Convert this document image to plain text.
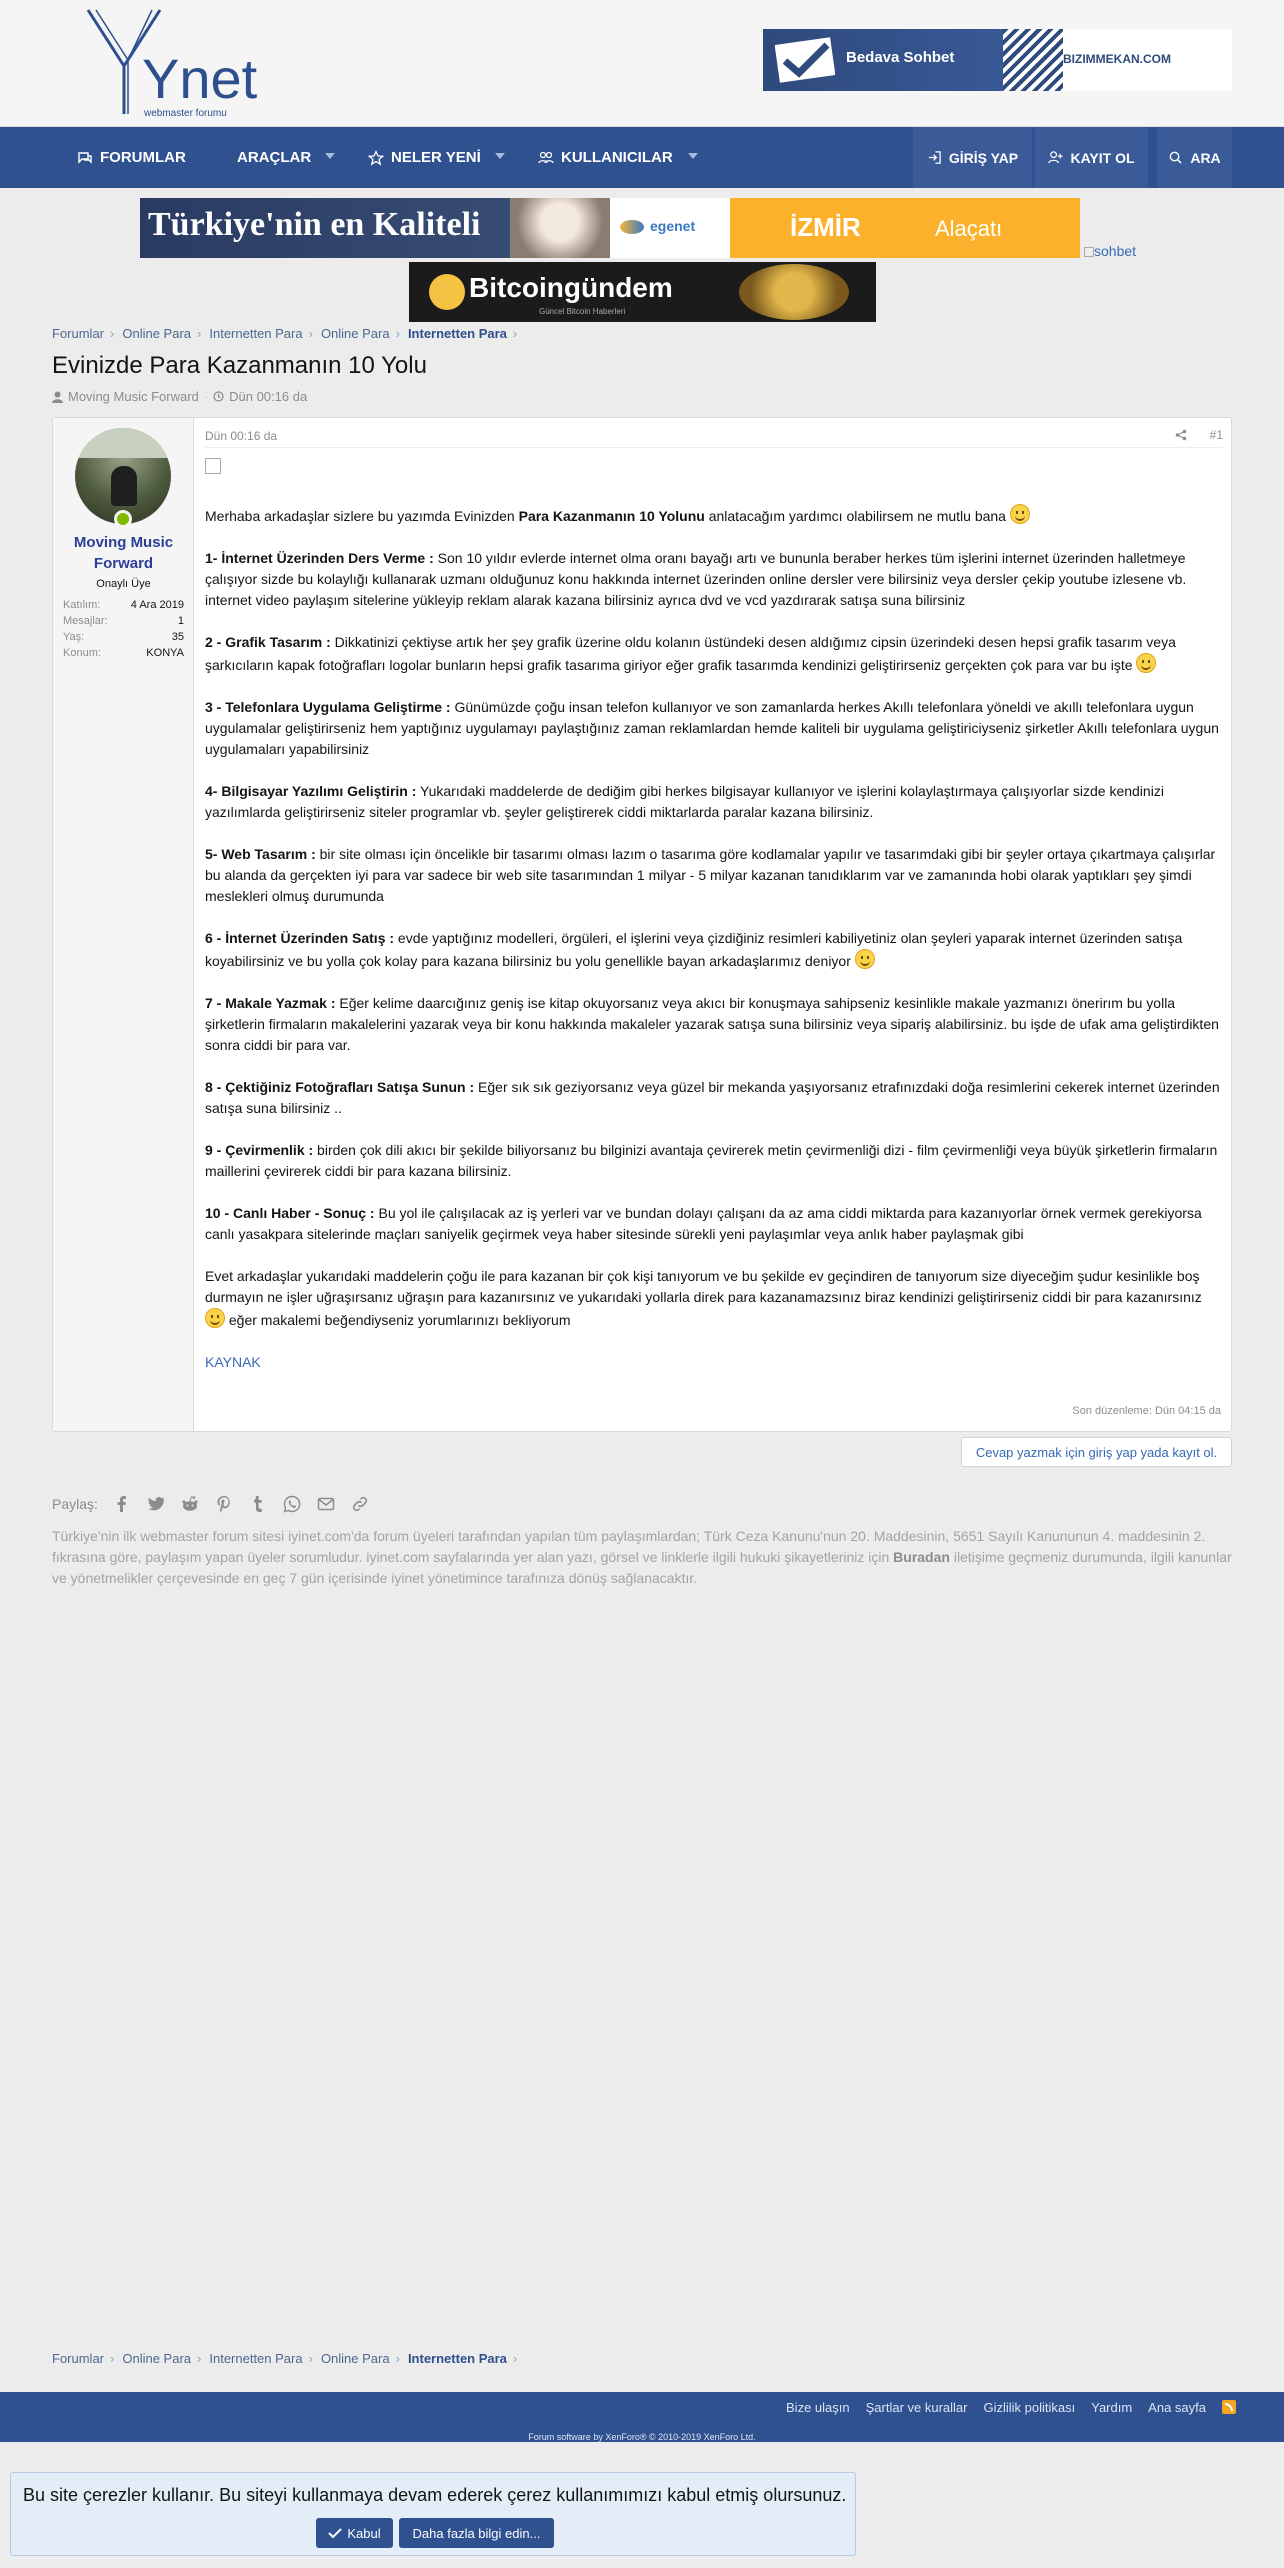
Ynet
webmaster forumu
Bedava Sohbet	BIZIMMEKAN.COM
FORUMLAR	ARAÇLAR	NELER YENİ	KULLANICILAR	GİRİŞ YAP	KAYIT OL	ARA
Türkiye'nin en Kaliteli	egenet	İZMİR	Alaçatı
sohbet
Bitcoingündem
Güncel Bitcoin Haberleri
Forumlar › Online Para › Internetten Para › Online Para › Internetten Para ›
Evinizde Para Kazanmanın 10 Yolu
Moving Music Forward · Dün 00:16 da
Moving Music Forward
Onaylı Üye
Katılım:	4 Ara 2019
Mesajlar:	1
Yaş:	35
Konum:	KONYA
Dün 00:16 da	#1

Merhaba arkadaşlar sizlere bu yazımda Evinizden Para Kazanmanın 10 Yolunu anlatacağım yardımcı olabilirsem ne mutlu bana

1- İnternet Üzerinden Ders Verme : Son 10 yıldır evlerde internet olma oranı bayağı artı ve bununla beraber herkes tüm işlerini internet üzerinden halletmeye çalışıyor sizde bu kolaylığı kullanarak uzmanı olduğunuz konu hakkında internet üzerinden online dersler vere bilirsiniz veya dersler çekip youtube izlesene vb. internet video paylaşım sitelerine yükleyip reklam alarak kazana bilirsiniz ayrıca dvd ve vcd yazdırarak satışa suna bilirsiniz

2 - Grafik Tasarım : Dikkatinizi çektiyse artık her şey grafik üzerine oldu kolanın üstündeki desen aldığımız cipsin üzerindeki desen hepsi grafik tasarım veya şarkıcıların kapak fotoğrafları logolar bunların hepsi grafik tasarıma giriyor eğer grafik tasarımda kendinizi geliştirirseniz gerçekten çok para var bu işte

3 - Telefonlara Uygulama Geliştirme : Günümüzde çoğu insan telefon kullanıyor ve son zamanlarda herkes Akıllı telefonlara yöneldi ve akıllı telefonlara uygun uygulamalar geliştirirseniz hem yaptığınız uygulamayı paylaştığınız zaman reklamlardan hemde kaliteli bir uygulama geliştiriciyseniz şirketler Akıllı telefonlara uygun uygulamaları yapabilirsiniz

4- Bilgisayar Yazılımı Geliştirin : Yukarıdaki maddelerde de dediğim gibi herkes bilgisayar kullanıyor ve işlerini kolaylaştırmaya çalışıyorlar sizde kendinizi yazılımlarda geliştirirseniz siteler programlar vb. şeyler geliştirerek ciddi miktarlarda paralar kazana bilirsiniz.

5- Web Tasarım : bir site olması için öncelikle bir tasarımı olması lazım o tasarıma göre kodlamalar yapılır ve tasarımdaki gibi bir şeyler ortaya çıkartmaya çalışırlar bu alanda da gerçekten iyi para var sadece bir web site tasarımından 1 milyar - 5 milyar kazanan tanıdıklarım var ve zamanında hobi olarak yaptıkları şey şimdi meslekleri olmuş durumunda

6 - İnternet Üzerinden Satış : evde yaptığınız modelleri, örgüleri, el işlerini veya çizdiğiniz resimleri kabiliyetiniz olan şeyleri yaparak internet üzerinden satışa koyabilirsiniz ve bu yolla çok kolay para kazana bilirsiniz bu yolu genellikle bayan arkadaşlarımız deniyor

7 - Makale Yazmak : Eğer kelime daarcığınız geniş ise kitap okuyorsanız veya akıcı bir konuşmaya sahipseniz kesinlikle makale yazmanızı önerirım bu yolla şirketlerin firmaların makalelerini yazarak veya bir konu hakkında makaleler yazarak satışa suna bilirsiniz veya sipariş alabilirsiniz. bu işde de ufak ama geliştirdikten sonra ciddi bir para var.

8 - Çektiğiniz Fotoğrafları Satışa Sunun : Eğer sık sık geziyorsanız veya güzel bir mekanda yaşıyorsanız etrafınızdaki doğa resimlerini cekerek internet üzerinden satışa suna bilirsiniz ..

9 - Çevirmenlik : birden çok dili akıcı bir şekilde biliyorsanız bu bilginizi avantaja çevirerek metin çevirmenliği dizi - film çevirmenliği veya büyük şirketlerin firmaların maillerini çevirerek ciddi bir para kazana bilirsiniz.

10 - Canlı Haber - Sonuç : Bu yol ile çalışılacak az iş yerleri var ve bundan dolayı çalışanı da az ama ciddi miktarda para kazanıyorlar örnek vermek gerekiyorsa canlı yasakpara sitelerinde maçları saniyelik geçirmek veya haber sitesinde sürekli yeni paylaşımlar veya anlık haber paylaşmak gibi

Evet arkadaşlar yukarıdaki maddelerin çoğu ile para kazanan bir çok kişi tanıyorum ve bu şekilde ev geçindiren de tanıyorum size diyeceğim şudur kesinlikle boş durmayın ne işler uğraşırsanız uğraşın para kazanırsınız ve yukarıdaki yollarla direk para kazanamazsınız biraz kendinizi geliştirirseniz ciddi bir para kazanırsınız  eğer makalemi beğendiyseniz yorumlarınızı bekliyorum

KAYNAK

Son düzenleme: Dün 04:15 da
Cevap yazmak için giriş yap yada kayıt ol.
Paylaş:
Türkiye'nin ilk webmaster forum sitesi iyinet.com'da forum üyeleri tarafından yapılan tüm paylaşımlardan; Türk Ceza Kanunu'nun 20. Maddesinin, 5651 Sayılı Kanununun 4. maddesinin 2. fıkrasına göre, paylaşım yapan üyeler sorumludur. iyinet.com sayfalarında yer alan yazı, görsel ve linklerle ilgili hukuki şikayetleriniz için Buradan iletişime geçmeniz durumunda, ilgili kanunlar ve yönetmelikler çerçevesinde en geç 7 gün içerisinde iyinet yönetimince tarafınıza dönüş sağlanacaktır.
Forumlar › Online Para › Internetten Para › Online Para › Internetten Para ›
Bize ulaşın Şartlar ve kurallar Gizlilik politikası Yardım Ana sayfa
Forum software by XenForo® © 2010-2019 XenForo Ltd.
Bu site çerezler kullanır. Bu siteyi kullanmaya devam ederek çerez kullanımımızı kabul etmiş olursunuz.
Kabul	Daha fazla bilgi edin...
